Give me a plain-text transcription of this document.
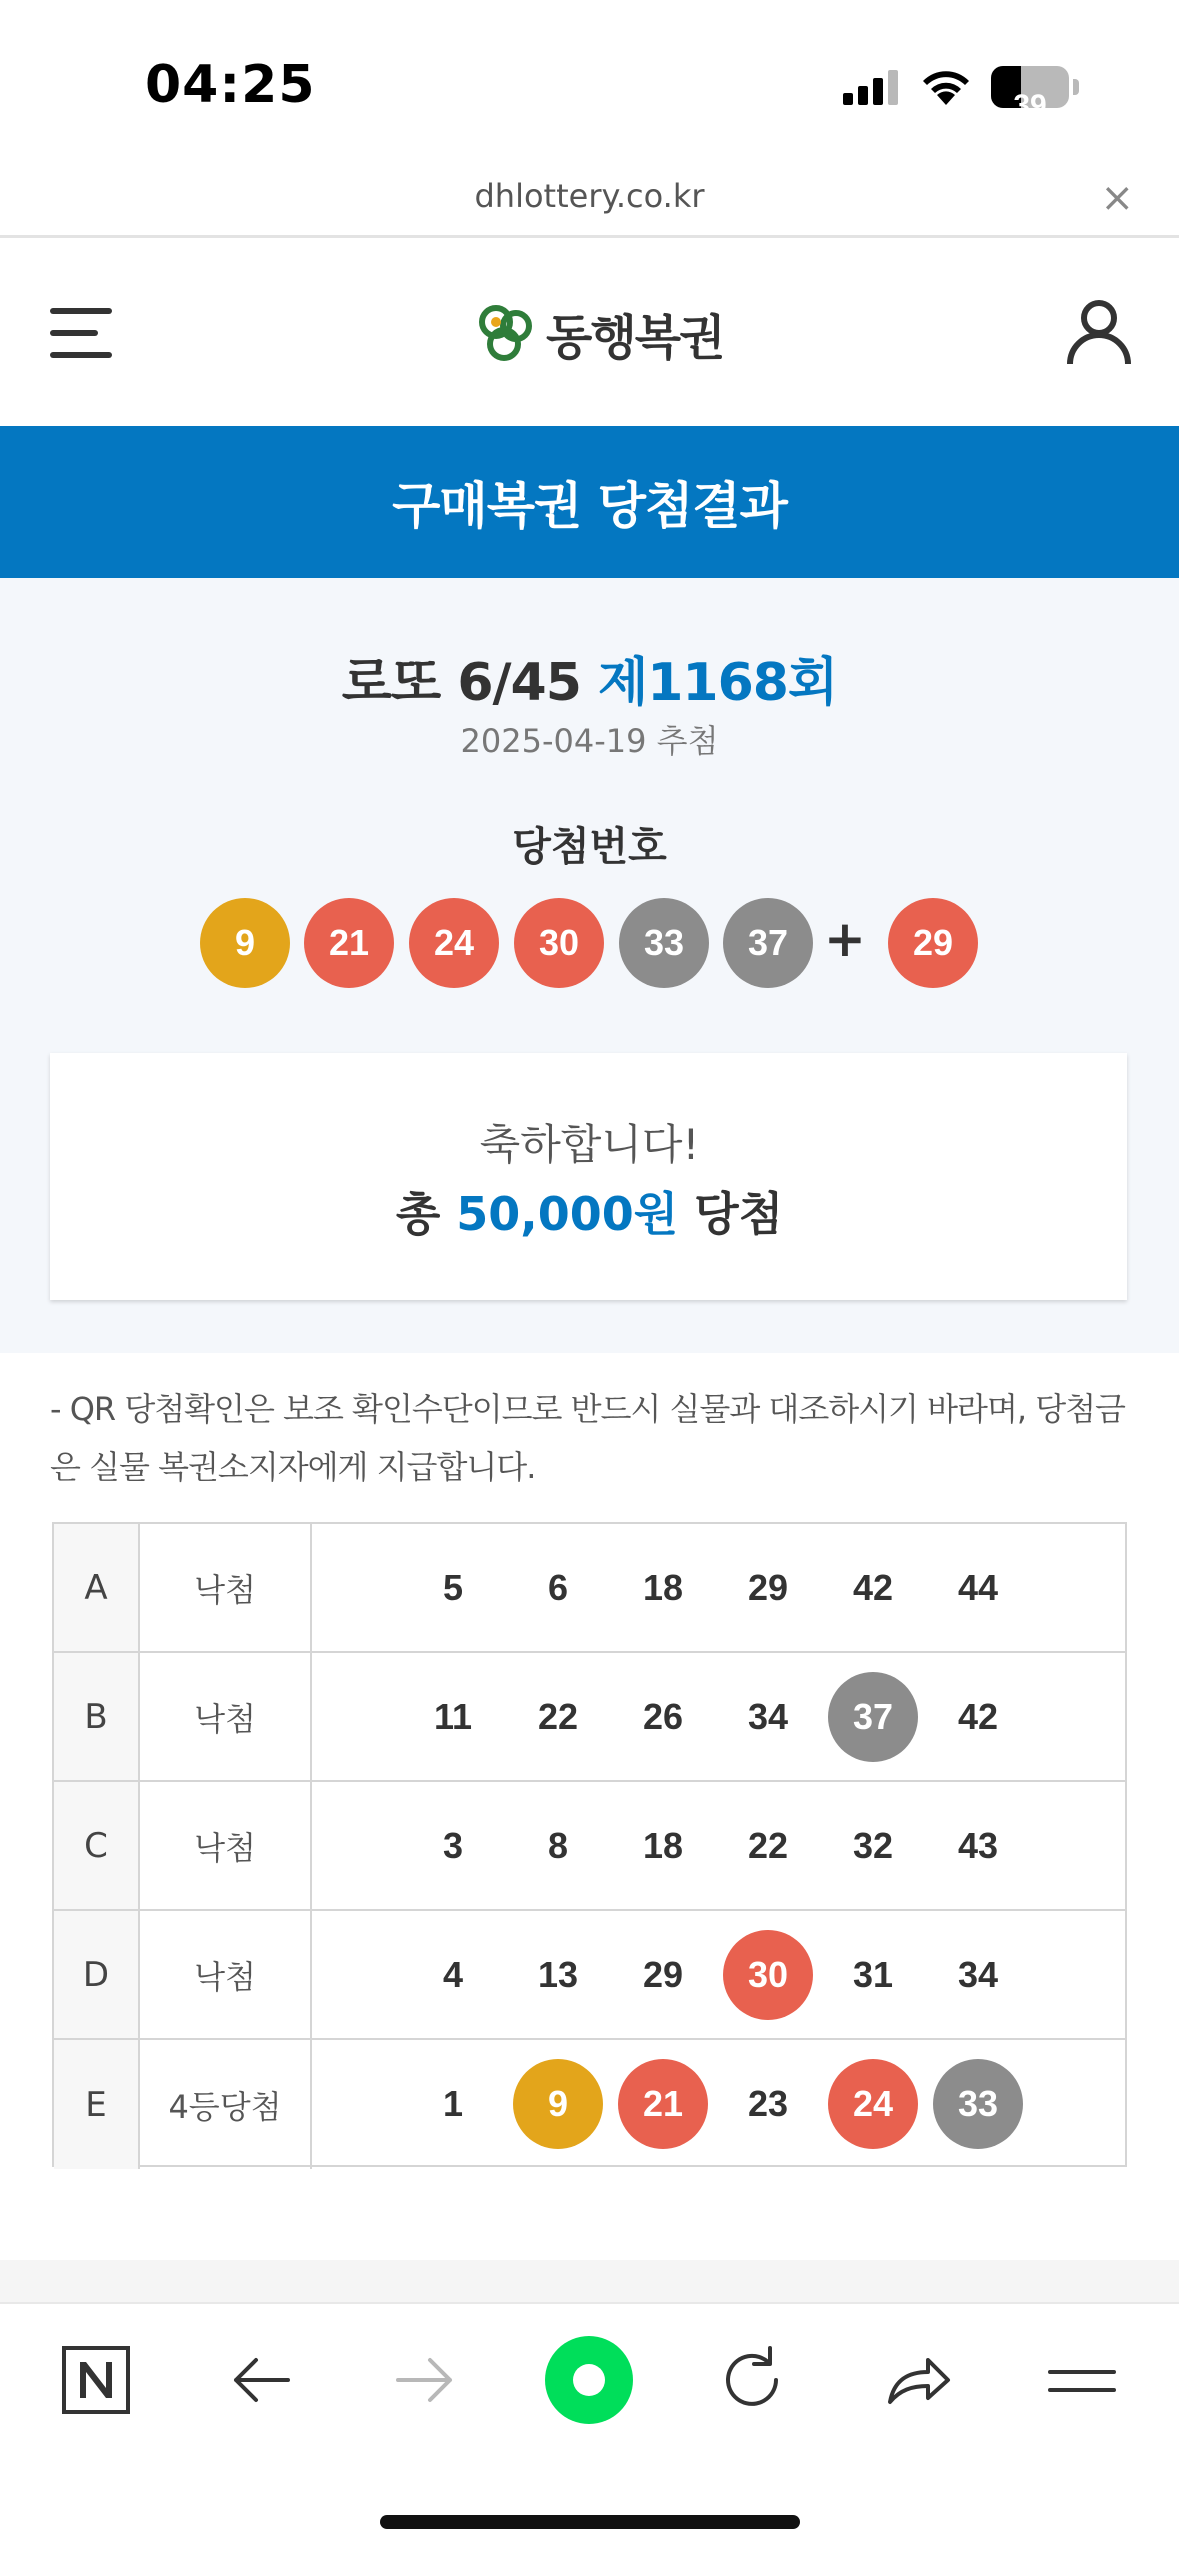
04:25	39
dhlottery.co.kr	×
동행복권
구매복권 당첨결과
로또 6/45 제1168회
2025-04-19 추첨
당첨번호
9	21	24	30	33	37 +	29
축하합니다!
총 50,000원 당첨
- QR 당첨확인은 보조 확인수단이므로 반드시 실물과 대조하시기 바라며, 당첨금은 실물 복권소지자에게 지급합니다.
A	낙첨	5	6	18	29	42	44
B	낙첨	11	22	26	34	37	42
C	낙첨	3	8	18	22	32	43
D	낙첨	4	13	29	30	31	34
E	4등당첨	1	9	21	23	24	33
